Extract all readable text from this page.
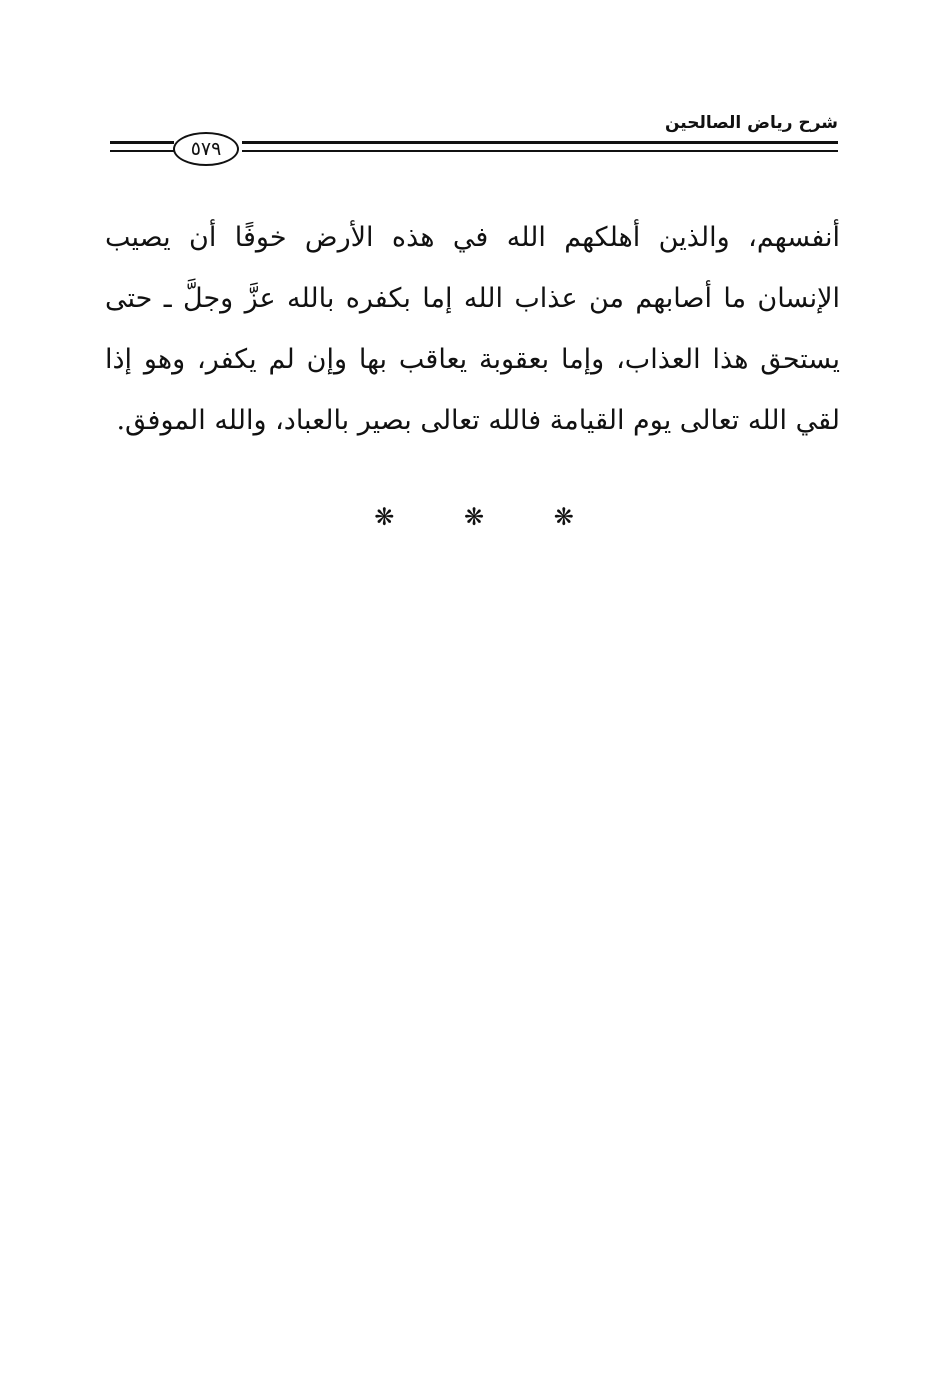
شرح رياض الصالحين
٥٧٩
أنفسهم، والذين أهلكهم الله في هذه الأرض خوفًا أن يصيب
الإنسان ما أصابهم من عذاب الله إما بكفره بالله عزَّ وجلَّ ـ حتى
يستحق هذا العذاب، وإما بعقوبة يعاقب بها وإن لم يكفر، وهو إذا
لقي الله تعالى يوم القيامة فالله تعالى بصير بالعباد، والله الموفق.
❋ ❋ ❋
